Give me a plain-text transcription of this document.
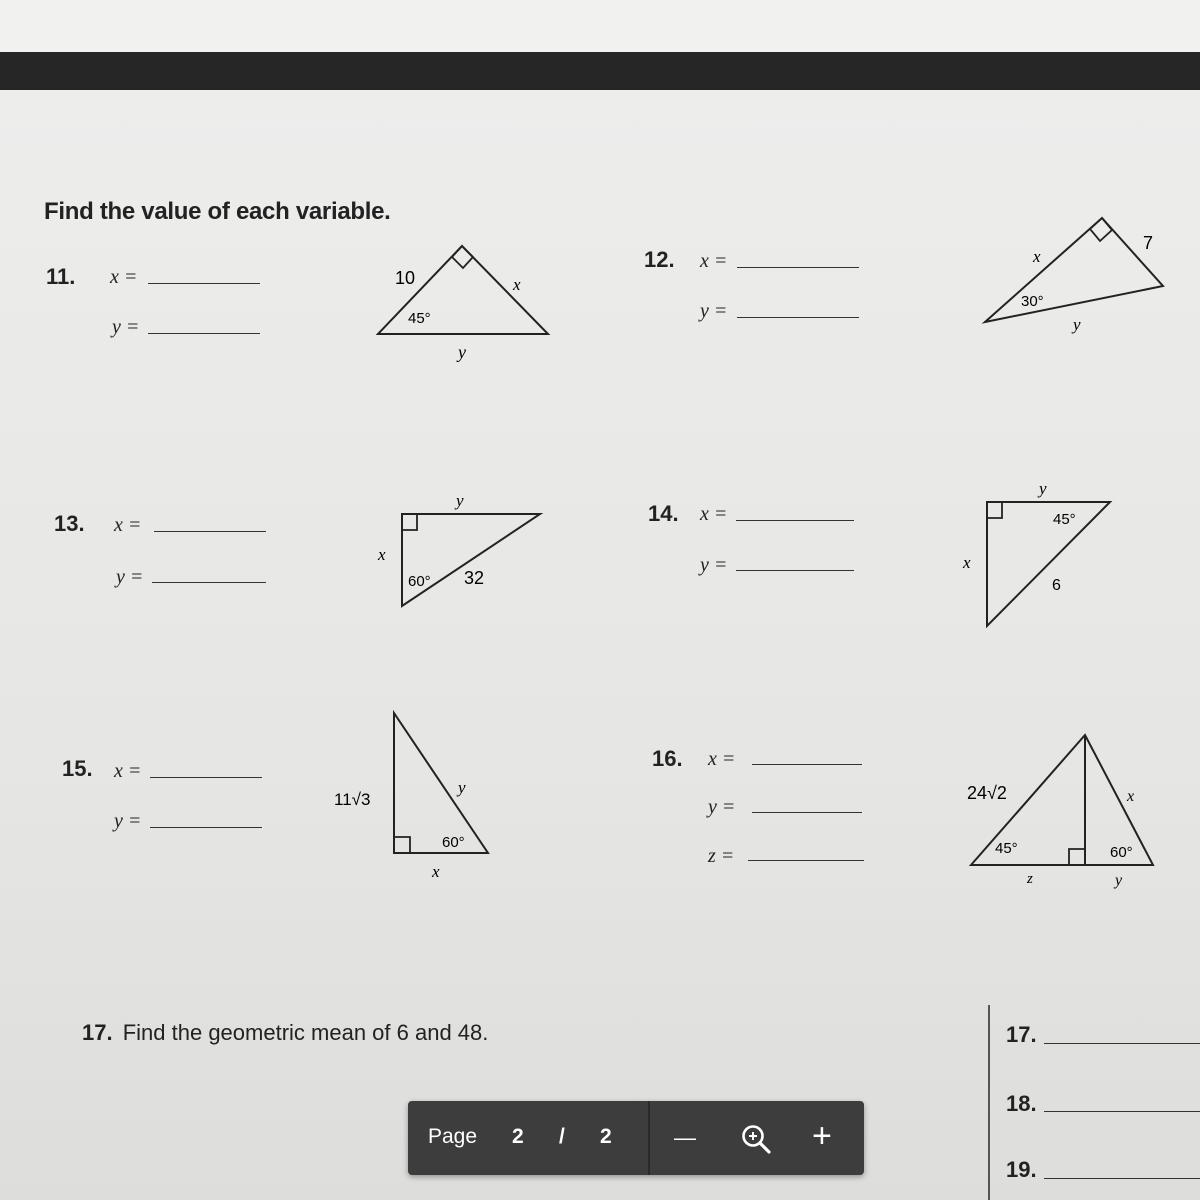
Find the value of each variable.
11. x =
y =
10
45°
x
y
12. x =
y =
7
30°
x
y
13. x =
y =
y
x
60° 32
14. x =
y =
y
45°
x
6
15. x =
y =
11√3
y
60°
x
16. x =
y =
z =
24√2	x
45°	60°
z	y
17. Find the geometric mean of 6 and 48.	17.
18.
19.
Page 2 / 2	—	+
